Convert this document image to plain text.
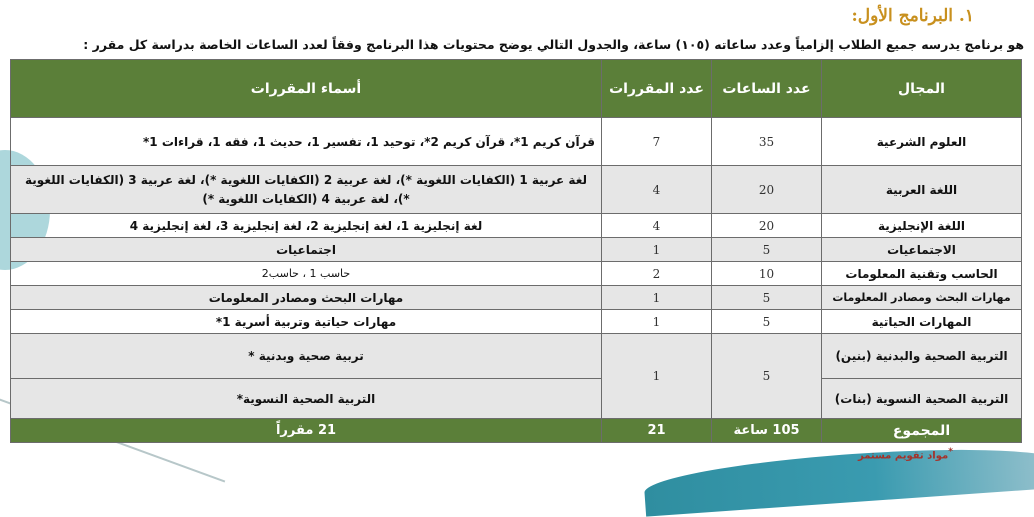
١. البرنامج الأول:
هو برنامج يدرسه جميع الطلاب إلزامياً وعدد ساعاته (١٠٥) ساعة، والجدول التالي يوضح محتويات هذا البرنامج وفقاً لعدد الساعات الخاصة بدراسة كل مقرر :
المجال	عدد الساعات	عدد المقررات	أسماء المقررات
العلوم الشرعية	35	7	قرآن كريم 1*، قرآن كريم 2*، توحيد 1، تفسير 1، حديث 1، فقه 1، قراءات 1*
اللغة العربية	20	4	لغة عربية 1 (الكفايات اللغوية *)، لغة عربية 2 (الكفايات اللغوية *)، لغة عربية 3 (الكفايات اللغوية *)، لغة عربية 4 (الكفايات اللغوية *)
اللغة الإنجليزية	20	4	لغة إنجليزية 1، لغة إنجليزية 2، لغة إنجليزية 3، لغة إنجليزية 4
الاجتماعيات	5	1	اجتماعيات
الحاسب وتقنية المعلومات	10	2	حاسب 1 ، حاسب2
مهارات البحث ومصادر المعلومات	5	1	مهارات البحث ومصادر المعلومات
المهارات الحياتية	5	1	مهارات حياتية وتربية أسرية 1*
التربية الصحية والبدنية (بنين)	5	1	تربية صحية وبدنية *
التربية الصحية النسوية (بنات)			التربية الصحية النسوية*
المجموع	105 ساعة	21	21 مقرراً
*مواد تقويم مستمر
